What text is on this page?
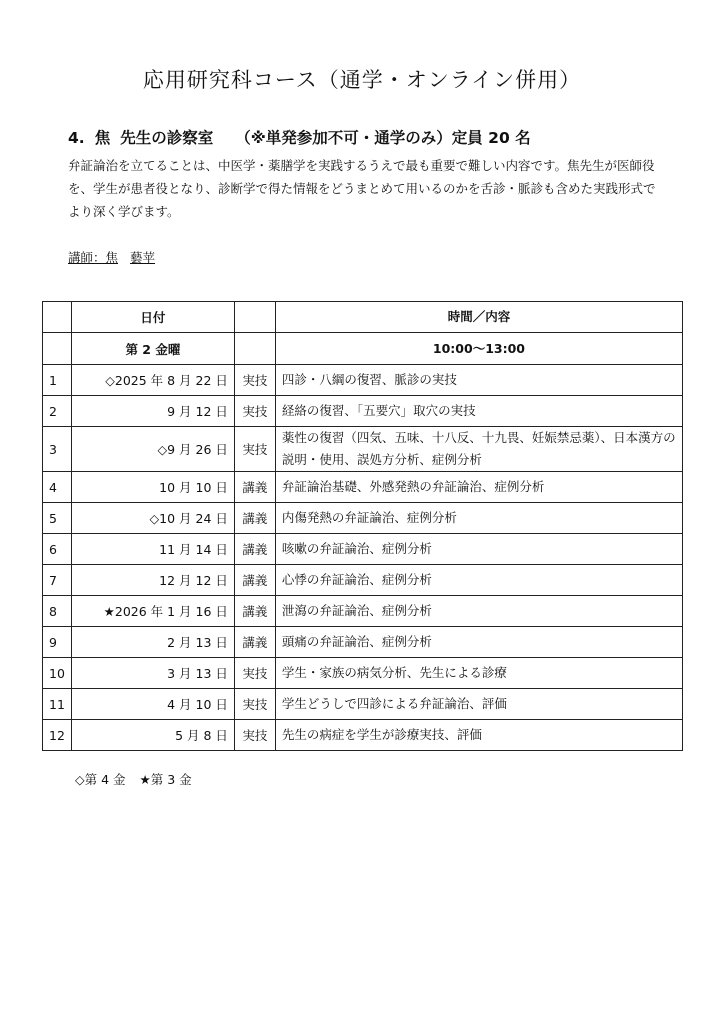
応用研究科コース（通学・オンライン併用）
4. 焦 先生の診察室 （※単発参加不可・通学のみ）定員 20 名
弁証論治を立てることは、中医学・薬膳学を実践するうえで最も重要で難しい内容です。焦先生が医師役を、学生が患者役となり、診断学で得た情報をどうまとめて用いるのかを舌診・脈診も含めた実践形式でより深く学びます。
講師：焦 藝苹
	日付		時間／内容
	第 2 金曜		10:00〜13:00
1	◇2025 年 8 月 22 日	実技	四診・八綱の復習、脈診の実技
2	9 月 12 日	実技	経絡の復習、「五要穴」取穴の実技
3	◇9 月 26 日	実技	薬性の復習（四気、五味、十八反、十九畏、妊娠禁忌薬）、日本漢方の説明・使用、誤処方分析、症例分析
4	10 月 10 日	講義	弁証論治基礎、外感発熱の弁証論治、症例分析
5	◇10 月 24 日	講義	内傷発熱の弁証論治、症例分析
6	11 月 14 日	講義	咳嗽の弁証論治、症例分析
7	12 月 12 日	講義	心悸の弁証論治、症例分析
8	★2026 年 1 月 16 日	講義	泄瀉の弁証論治、症例分析
9	2 月 13 日	講義	頭痛の弁証論治、症例分析
10	3 月 13 日	実技	学生・家族の病気分析、先生による診療
11	4 月 10 日	実技	学生どうしで四診による弁証論治、評価
12	5 月 8 日	実技	先生の病症を学生が診療実技、評価
◇第 4 金 ★第 3 金
